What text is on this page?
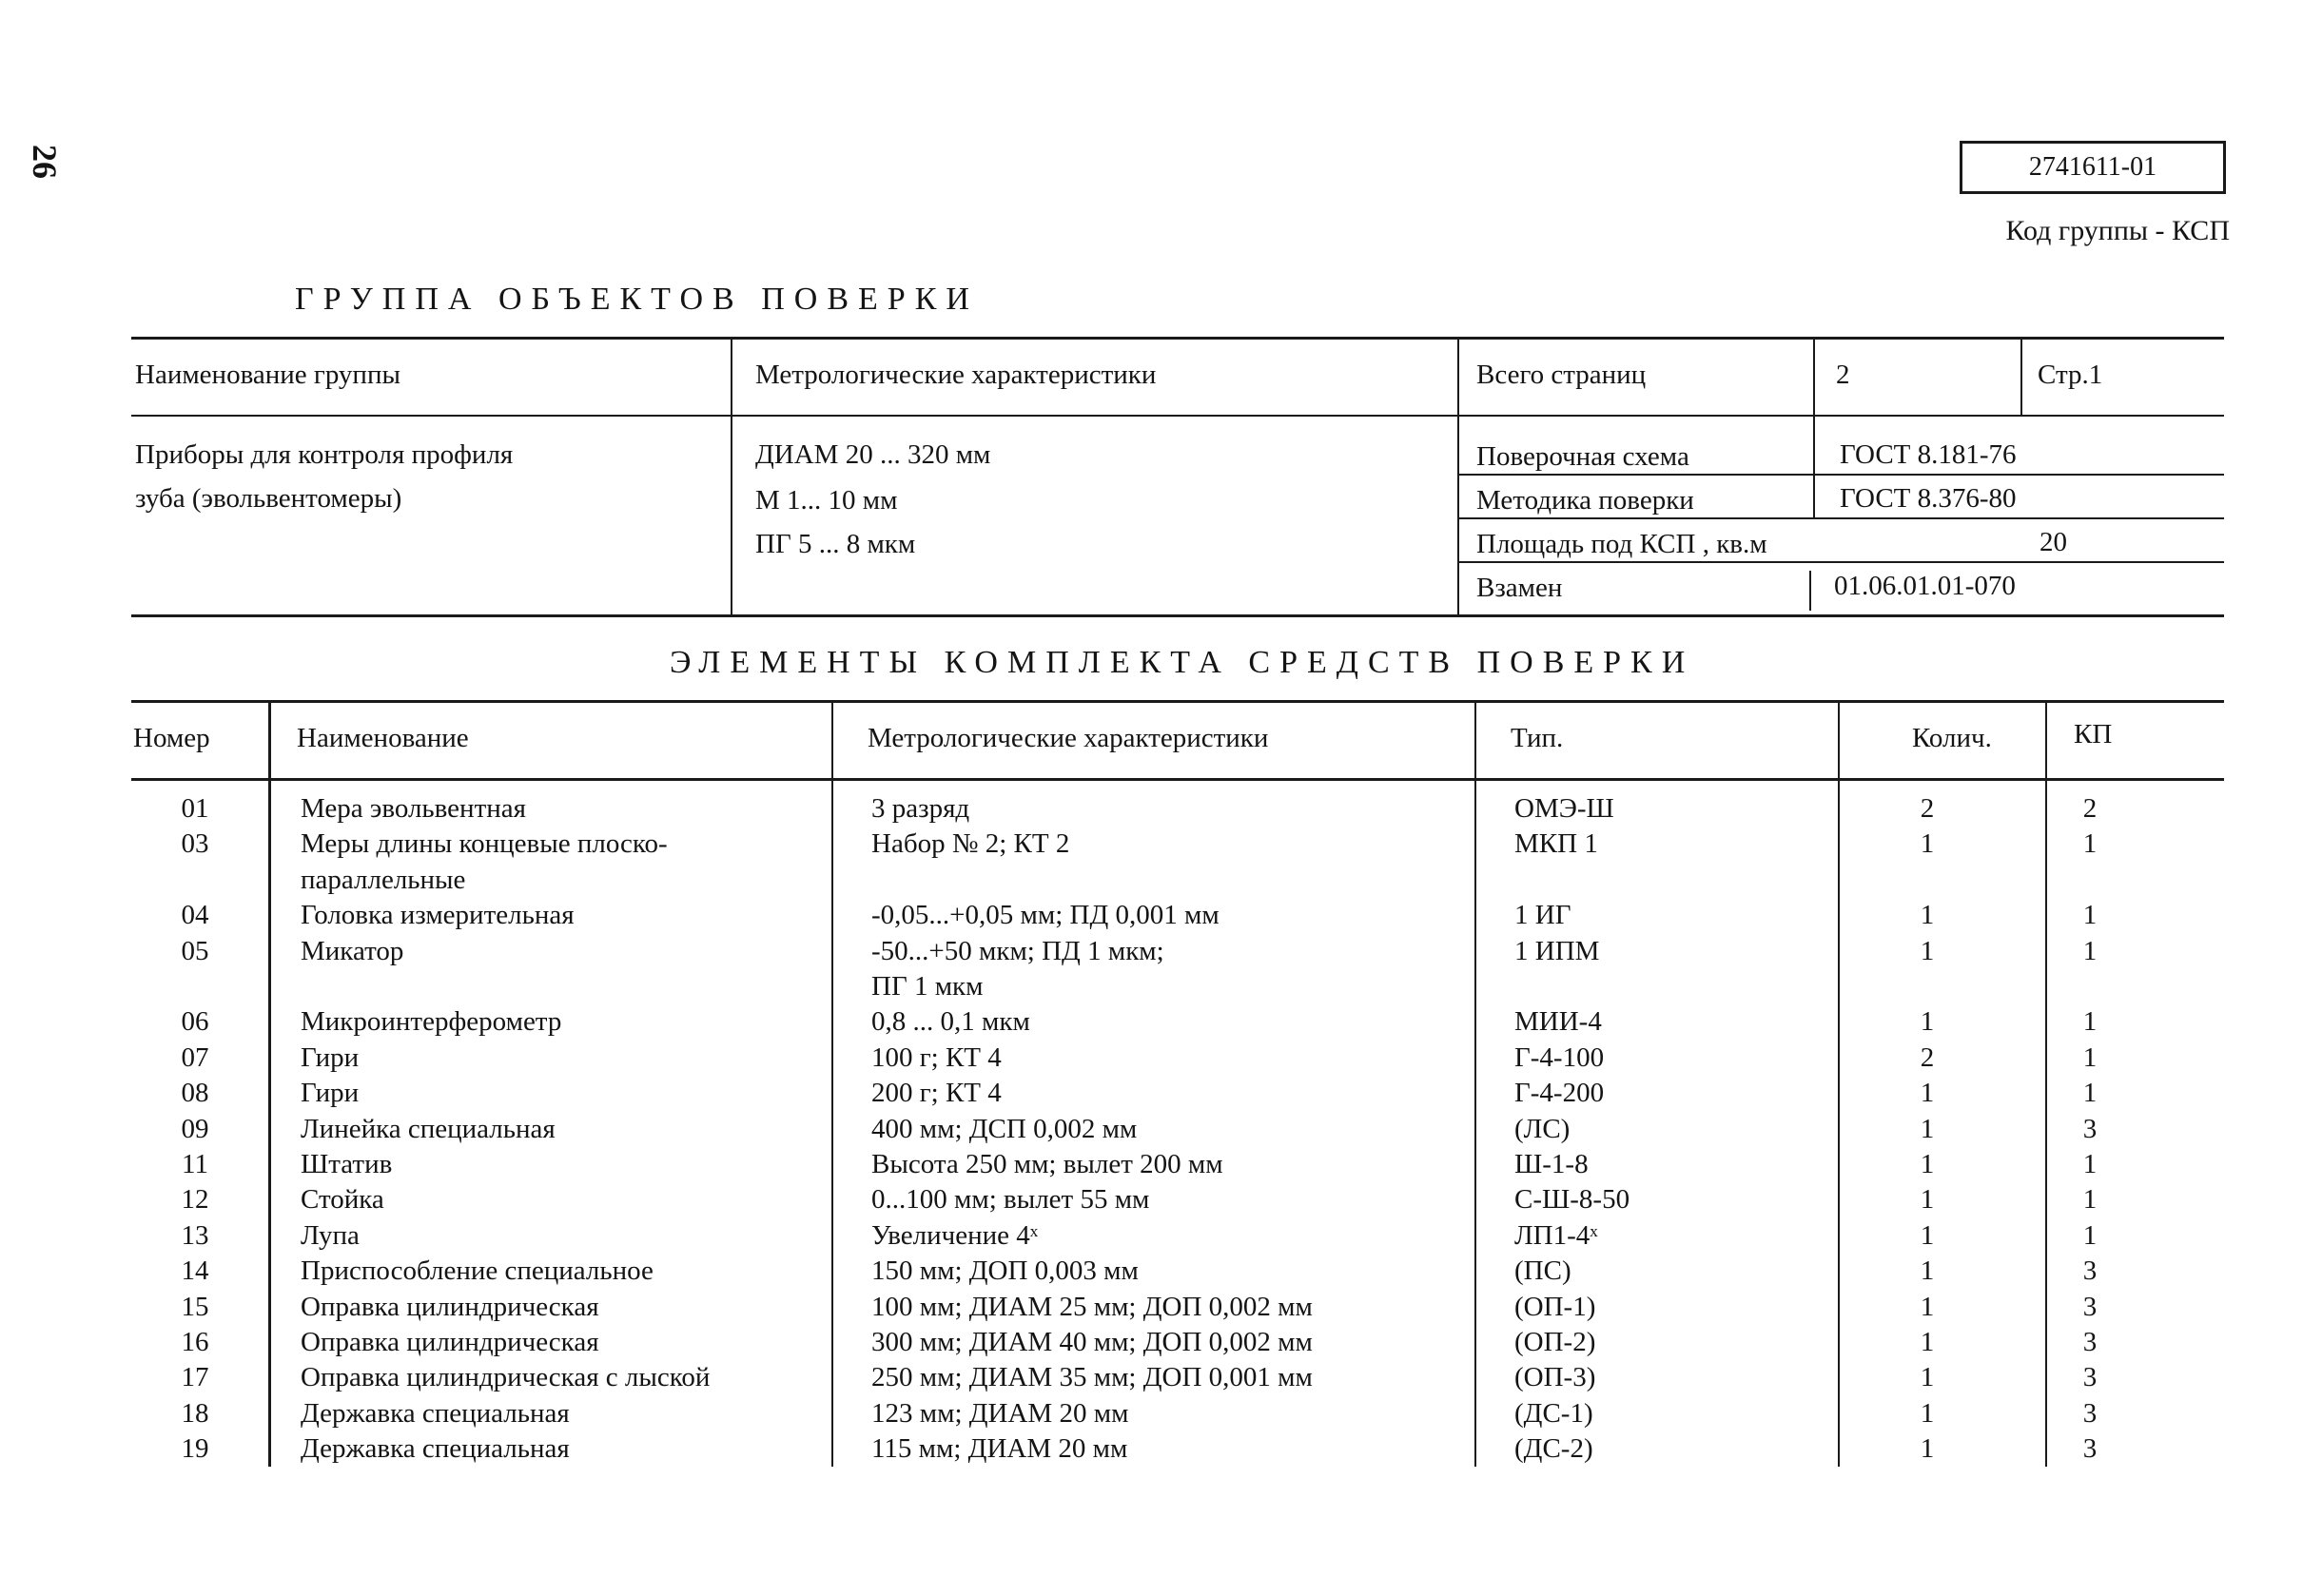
26	2741611-01
Код группы - КСП
ГРУППА ОБЪЕКТОВ ПОВЕРКИ
Наименование группы	Метрологические характеристики	Всего страниц	2	Стр.1
Приборы для контроля профиля
зуба (эвольвентомеры)
ДИАМ 20 ... 320 мм
М 1... 10 мм
ПГ 5 ... 8 мкм
Поверочная схема	ГОСТ 8.181-76
Методика поверки	ГОСТ 8.376-80
Площадь под КСП , кв.м	20
Взамен	01.06.01.01-070
ЭЛЕМЕНТЫ КОМПЛЕКТА СРЕДСТВ ПОВЕРКИ
Номер	Наименование	Метрологические характеристики	Тип.	Колич.	КП
01	Мера эвольвентная	3 разряд	ОМЭ-Ш	2	2
03	Меры длины концевые плоско-	Набор № 2; КТ 2	МКП 1	1	1
параллельные
04	Головка измерительная	-0,05...+0,05 мм; ПД 0,001 мм	1 ИГ	1	1
05	Микатор	-50...+50 мкм; ПД 1 мкм;	1 ИПМ	1	1
ПГ 1 мкм
06	Микроинтерферометр	0,8 ... 0,1 мкм	МИИ-4	1	1
07	Гири	100 г; КТ 4	Г-4-100	2	1
08	Гири	200 г; КТ 4	Г-4-200	1	1
09	Линейка специальная	400 мм; ДСП 0,002 мм	(ЛС)	1	3
11	Штатив	Высота 250 мм; вылет 200 мм	Ш-1-8	1	1
12	Стойка	0...100 мм; вылет 55 мм	С-Ш-8-50	1	1
13	Лупа	Увеличение 4ˣ	ЛП1-4ˣ	1	1
14	Приспособление специальное	150 мм; ДОП 0,003 мм	(ПС)	1	3
15	Оправка цилиндрическая	100 мм; ДИАМ 25 мм; ДОП 0,002 мм	(ОП-1)	1	3
16	Оправка цилиндрическая	300 мм; ДИАМ 40 мм; ДОП 0,002 мм	(ОП-2)	1	3
17	Оправка цилиндрическая с лыской	250 мм; ДИАМ 35 мм; ДОП 0,001 мм	(ОП-3)	1	3
18	Державка специальная	123 мм; ДИАМ 20 мм	(ДС-1)	1	3
19	Державка специальная	115 мм; ДИАМ 20 мм	(ДС-2)	1	3
